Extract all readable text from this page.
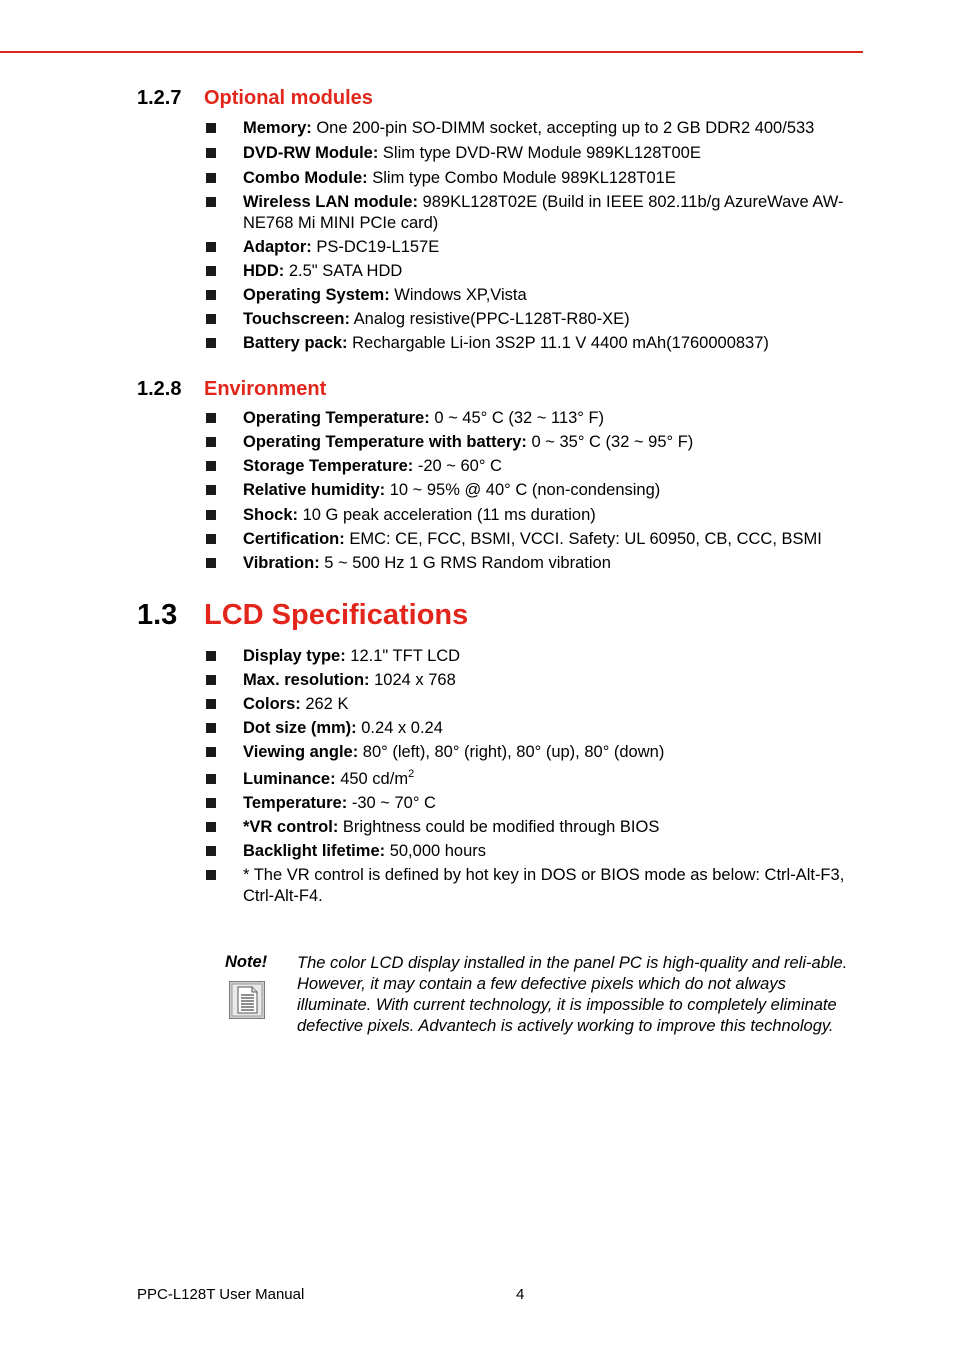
1.2.7 Optional modules
Memory: One 200-pin SO-DIMM socket, accepting up to 2 GB DDR2 400/533
DVD-RW Module: Slim type DVD-RW Module 989KL128T00E
Combo Module: Slim type Combo Module 989KL128T01E
Wireless LAN module: 989KL128T02E (Build in IEEE 802.11b/g AzureWave AW-NE768 Mi MINI PCIe card)
Adaptor: PS-DC19-L157E
HDD: 2.5" SATA HDD
Operating System: Windows XP,Vista
Touchscreen: Analog resistive(PPC-L128T-R80-XE)
Battery pack: Rechargable Li-ion 3S2P 11.1 V 4400 mAh(1760000837)
1.2.8 Environment
Operating Temperature: 0 ~ 45° C (32 ~ 113° F)
Operating Temperature with battery: 0 ~ 35° C (32 ~ 95° F)
Storage Temperature: -20 ~ 60° C
Relative humidity: 10 ~ 95% @ 40° C (non-condensing)
Shock: 10 G peak acceleration (11 ms duration)
Certification: EMC: CE, FCC, BSMI, VCCI. Safety: UL 60950, CB, CCC, BSMI
Vibration: 5 ~ 500 Hz 1 G RMS Random vibration
1.3 LCD Specifications
Display type: 12.1" TFT LCD
Max. resolution: 1024 x 768
Colors: 262 K
Dot size (mm): 0.24 x 0.24
Viewing angle: 80° (left), 80° (right), 80° (up), 80° (down)
Luminance: 450 $cd/m^2$
Temperature: -30 ~ 70° C
*VR control: Brightness could be modified through BIOS
Backlight lifetime: 50,000 hours
* The VR control is defined by hot key in DOS or BIOS mode as below: Ctrl-Alt-F3, Ctrl-Alt-F4.
Note! The color LCD display installed in the panel PC is high-quality and reli-able. However, it may contain a few defective pixels which do not always illuminate. With current technology, it is impossible to completely eliminate defective pixels. Advantech is actively working to improve this technology.
PPC-L128T User Manual	4
